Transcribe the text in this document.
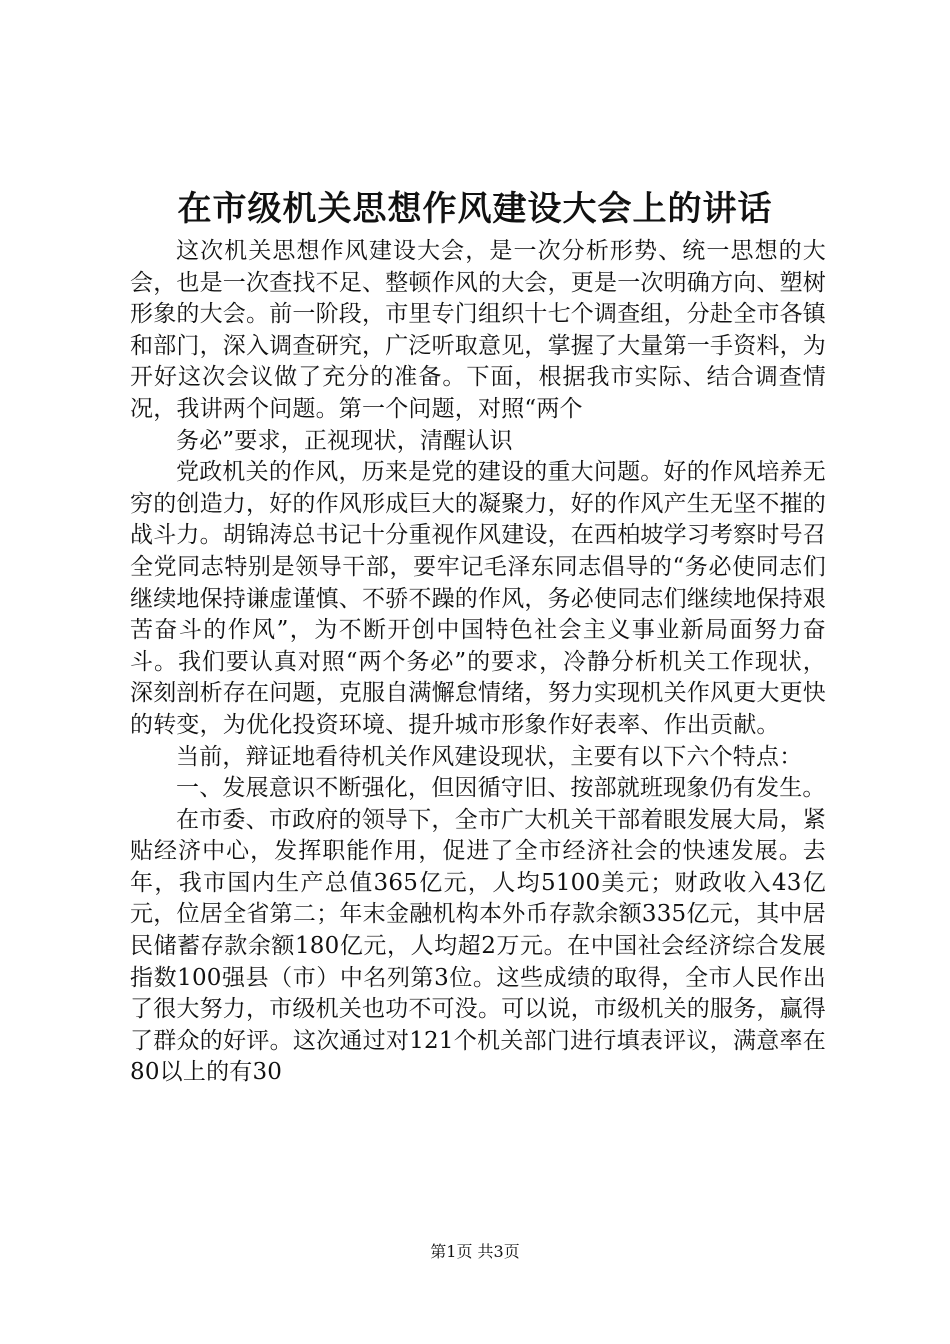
在市级机关思想作风建设大会上的讲话

这次机关思想作风建设大会，是一次分析形势、统一思想的大会，也是一次查找不足、整顿作风的大会，更是一次明确方向、塑树形象的大会。前一阶段，市里专门组织十七个调查组，分赴全市各镇和部门，深入调查研究，广泛听取意见，掌握了大量第一手资料，为开好这次会议做了充分的准备。下面，根据我市实际、结合调查情况，我讲两个问题。第一个问题，对照“两个

务必”要求，正视现状，清醒认识

党政机关的作风，历来是党的建设的重大问题。好的作风培养无穷的创造力，好的作风形成巨大的凝聚力，好的作风产生无坚不摧的战斗力。胡锦涛总书记十分重视作风建设，在西柏坡学习考察时号召全党同志特别是领导干部，要牢记毛泽东同志倡导的“务必使同志们继续地保持谦虚谨慎、不骄不躁的作风，务必使同志们继续地保持艰苦奋斗的作风”，为不断开创中国特色社会主义事业新局面努力奋斗。我们要认真对照“两个务必”的要求，冷静分析机关工作现状，深刻剖析存在问题，克服自满懈怠情绪，努力实现机关作风更大更快的转变，为优化投资环境、提升城市形象作好表率、作出贡献。

当前，辩证地看待机关作风建设现状，主要有以下六个特点：

一、发展意识不断强化，但因循守旧、按部就班现象仍有发生。

在市委、市政府的领导下，全市广大机关干部着眼发展大局，紧贴经济中心，发挥职能作用，促进了全市经济社会的快速发展。去年，我市国内生产总值365亿元，人均5100美元；财政收入43亿元，位居全省第二；年末金融机构本外币存款余额335亿元，其中居民储蓄存款余额180亿元，人均超2万元。在中国社会经济综合发展指数100强县（市）中名列第3位。这些成绩的取得，全市人民作出了很大努力，市级机关也功不可没。可以说，市级机关的服务，赢得了群众的好评。这次通过对121个机关部门进行填表评议，满意率在80以上的有30

第1页 共3页
